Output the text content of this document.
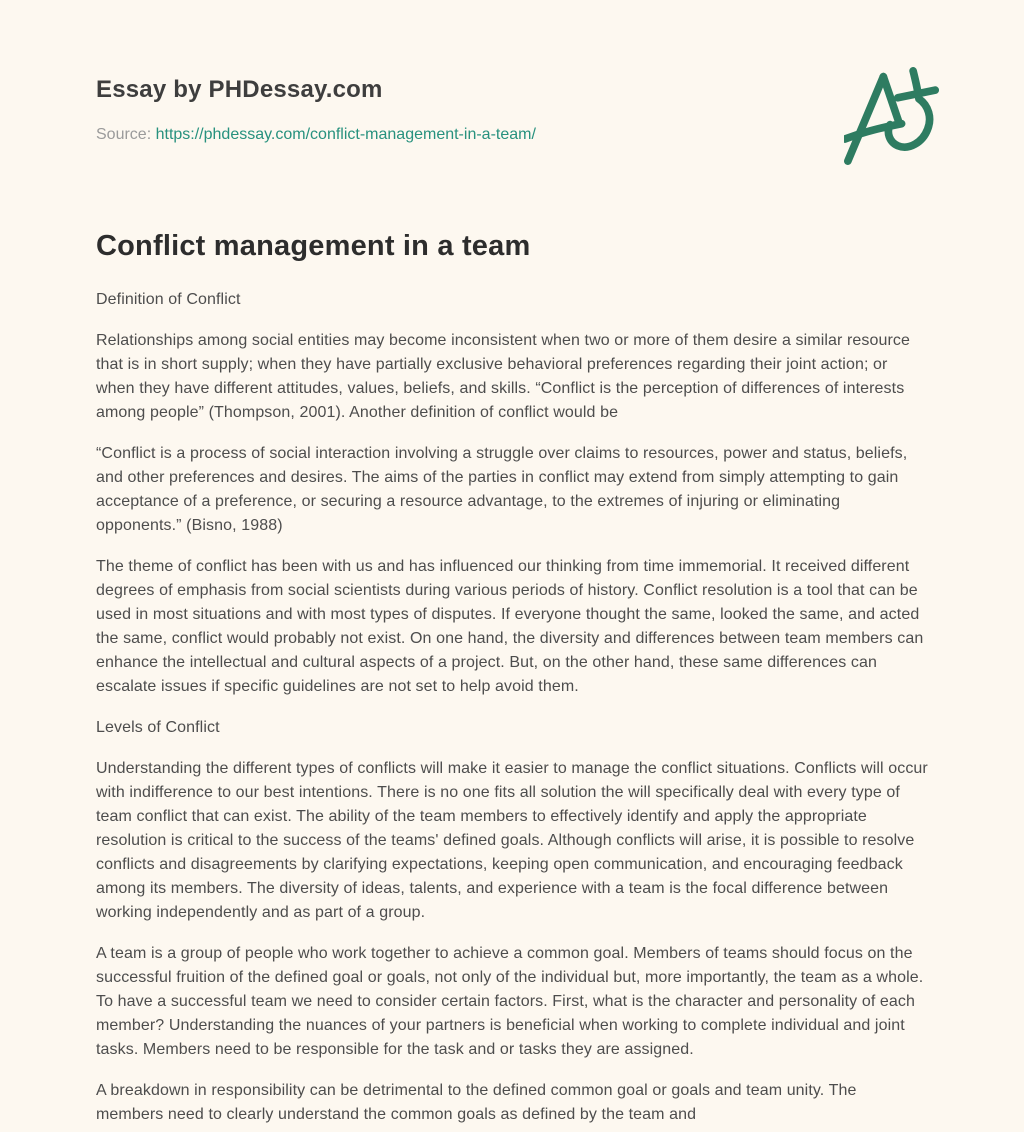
Essay by PHDessay.com

Source: https://phdessay.com/conflict-management-in-a-team/

Conflict management in a team

Definition of Conflict

Relationships among social entities may become inconsistent when two or more of them desire a similar resource that is in short supply; when they have partially exclusive behavioral preferences regarding their joint action; or when they have different attitudes, values, beliefs, and skills. “Conflict is the perception of differences of interests among people” (Thompson, 2001). Another definition of conflict would be

“Conflict is a process of social interaction involving a struggle over claims to resources, power and status, beliefs, and other preferences and desires. The aims of the parties in conflict may extend from simply attempting to gain acceptance of a preference, or securing a resource advantage, to the extremes of injuring or eliminating opponents.” (Bisno, 1988)

The theme of conflict has been with us and has influenced our thinking from time immemorial. It received different degrees of emphasis from social scientists during various periods of history. Conflict resolution is a tool that can be used in most situations and with most types of disputes. If everyone thought the same, looked the same, and acted the same, conflict would probably not exist. On one hand, the diversity and differences between team members can enhance the intellectual and cultural aspects of a project. But, on the other hand, these same differences can escalate issues if specific guidelines are not set to help avoid them.

Levels of Conflict

Understanding the different types of conflicts will make it easier to manage the conflict situations. Conflicts will occur with indifference to our best intentions. There is no one fits all solution the will specifically deal with every type of team conflict that can exist. The ability of the team members to effectively identify and apply the appropriate resolution is critical to the success of the teams' defined goals. Although conflicts will arise, it is possible to resolve conflicts and disagreements by clarifying expectations, keeping open communication, and encouraging feedback among its members. The diversity of ideas, talents, and experience with a team is the focal difference between working independently and as part of a group.

A team is a group of people who work together to achieve a common goal. Members of teams should focus on the successful fruition of the defined goal or goals, not only of the individual but, more importantly, the team as a whole. To have a successful team we need to consider certain factors. First, what is the character and personality of each member? Understanding the nuances of your partners is beneficial when working to complete individual and joint tasks. Members need to be responsible for the task and or tasks they are assigned.

A breakdown in responsibility can be detrimental to the defined common goal or goals and team unity. The members need to clearly understand the common goals as defined by the team and
